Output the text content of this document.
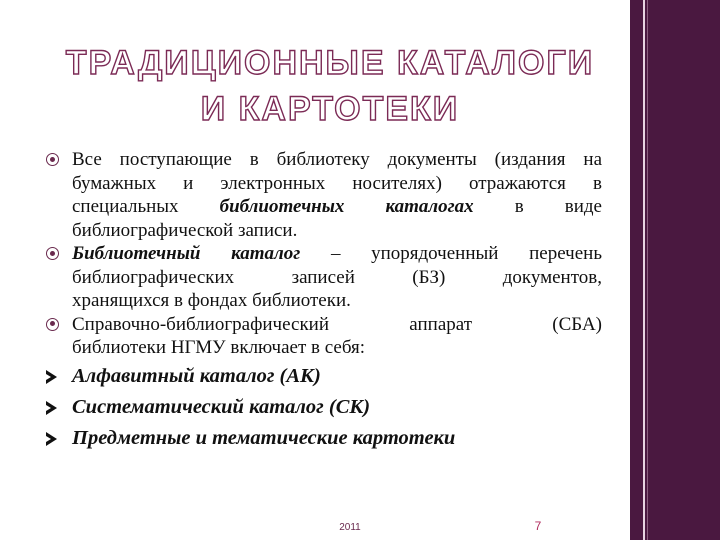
ТРАДИЦИОННЫЕ КАТАЛОГИ
И КАРТОТЕКИ
Все поступающие в библиотеку документы (издания на
бумажных и электронных носителях) отражаются в
специальных библиотечных каталогах в виде
библиографической записи.
Библиотечный каталог – упорядоченный перечень
библиографических записей (БЗ) документов,
хранящихся в фондах библиотеки.
Справочно-библиографический аппарат (СБА)
библиотеки НГМУ включает в себя:
Алфавитный каталог (АК)
Систематический каталог (СК)
Предметные и тематические картотеки
2011	7
